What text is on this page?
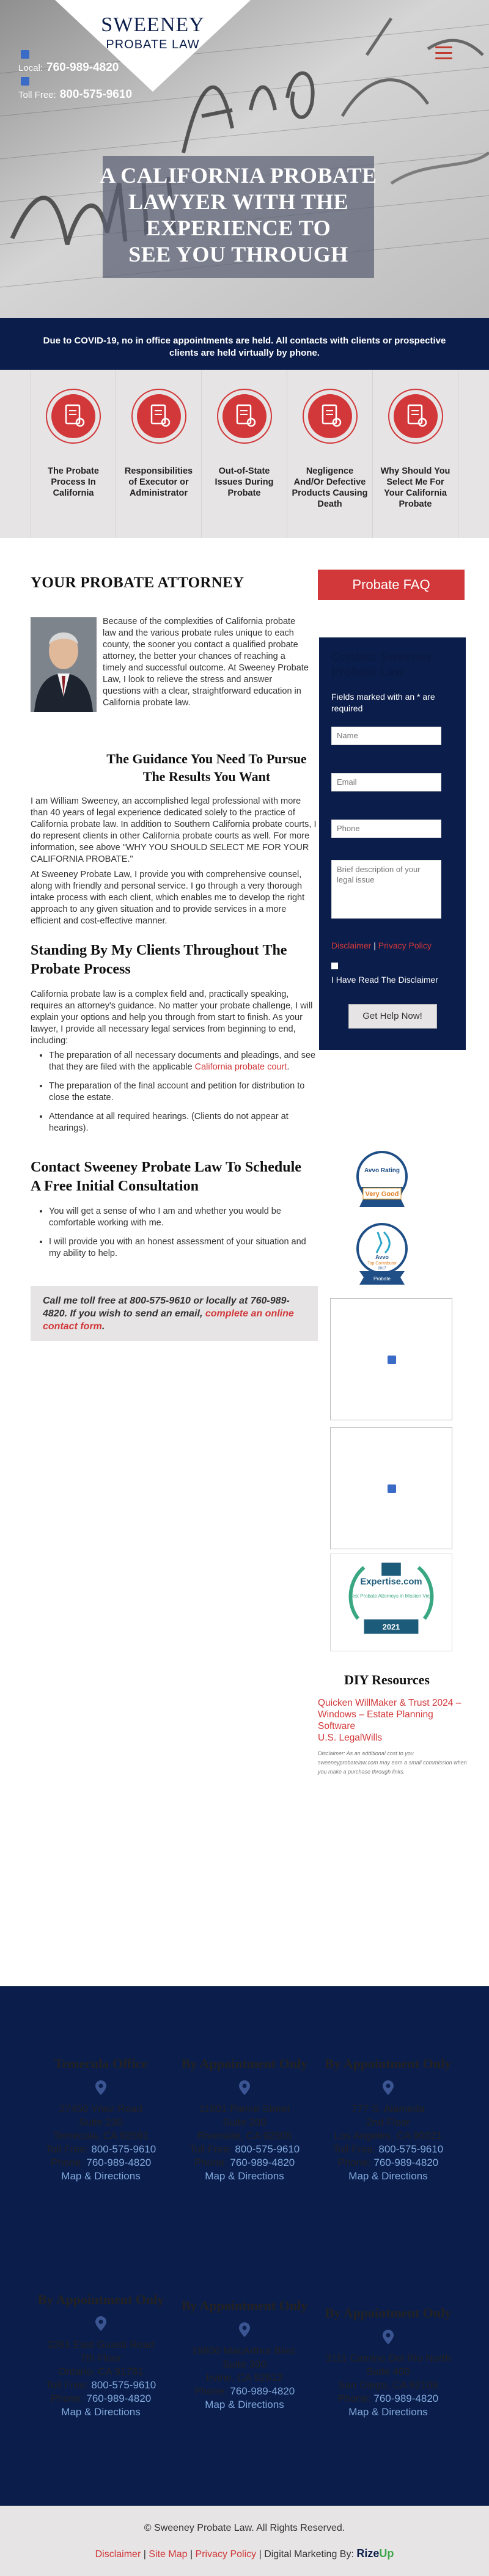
SWEENEY
PROBATE LAW
Local: 760-989-4820
Toll Free: 800-575-9610
A CALIFORNIA PROBATE
LAWYER WITH THE
EXPERIENCE TO
SEE YOU THROUGH
Due to COVID-19, no in office appointments are held. All contacts with clients or prospective
clients are held virtually by phone.
The Probate Process In California
Responsibilities of Executor or Administrator
Out-of-State Issues During Probate
Negligence And/Or Defective Products Causing Death
Why Should You Select Me For Your California Probate
YOUR PROBATE ATTORNEY	Probate FAQ

Because of the complexities of California probate law and the various probate rules unique to each county, the sooner you contact a qualified probate attorney, the better your chances of reaching a timely and successful outcome. At Sweeney Probate Law, I look to relieve the stress and answer questions with a clear, straightforward education in California probate law.

The Guidance You Need To Pursue The Results You Want

I am William Sweeney, an accomplished legal professional with more than 40 years of legal experience dedicated solely to the practice of California probate law. In addition to Southern California probate courts, I do represent clients in other California probate courts as well. For more information, see above "WHY YOU SHOULD SELECT ME FOR YOUR CALIFORNIA PROBATE."

At Sweeney Probate Law, I provide you with comprehensive counsel, along with friendly and personal service. I go through a very thorough intake process with each client, which enables me to develop the right approach to any given situation and to provide services in a more efficient and cost-effective manner.

Standing By My Clients Throughout The Probate Process

California probate law is a complex field and, practically speaking, requires an attorney's guidance. No matter your probate challenge, I will explain your options and help you through from start to finish. As your lawyer, I provide all necessary legal services from beginning to end, including:

• The preparation of all necessary documents and pleadings, and see that they are filed with the applicable California probate court.
• The preparation of the final account and petition for distribution to close the estate.
• Attendance at all required hearings. (Clients do not appear at hearings).
Contact Sweeney Probate Law To Schedule A Free Initial Consultation
• You will get a sense of who I am and whether you would be comfortable working with me.
• I will provide you with an honest assessment of your situation and my ability to help.
Call me toll free at 800-575-9610 or locally at 760-989-4820. If you wish to send an email, complete an online contact form.
Contact Sweeney Probate Law
Fields marked with an * are required
Name
Email
Phone
Brief description of your legal issue
Disclaimer | Privacy Policy
I Have Read The Disclaimer
Get Help Now!
Avvo Rating
Very Good
Avvo
Top Contributor
2017
Probate
Expertise.com
Best Probate Attorneys in Mission Viejo
2021
DIY Resources
Quicken WillMaker & Trust 2024 – Windows – Estate Planning Software
U.S. LegalWills

Disclaimer: As an additional cost to you sweeneyprobatelaw.com may earn a small commission when you make a purchase through links.

Temecula Office
27450 Ynez Road
Suite 230
Temecula, CA 92591
Toll Free: 800-575-9610
Phone: 760-989-4820
Map & Directions
By Appointment Only
11801 Pierce Street
Suite 200
Riverside, CA 92505
Toll Free: 800-575-9610
Phone: 760-989-4820
Map & Directions
By Appointment Only
777 S. Alameda
2nd Floor
Los Angeles, CA 90021
Toll Free: 800-575-9610
Phone: 760-989-4820
Map & Directions
By Appointment Only
3281 East Guasti Road
7th Floor
Ontario, CA 91761
Toll Free: 800-575-9610
Phone: 760-989-4820
Map & Directions
By Appointment Only
19800 MacArthur Blvd.
Suite 300
Irvine, CA 92612
Phone: 760-989-4820
Map & Directions
By Appointment Only
3111 Camino Del Rio North
Suite 400
San Diego, CA 92108
Phone: 760-989-4820
Map & Directions
© Sweeney Probate Law. All Rights Reserved.
Disclaimer | Site Map | Privacy Policy | Digital Marketing By: RizeUp
